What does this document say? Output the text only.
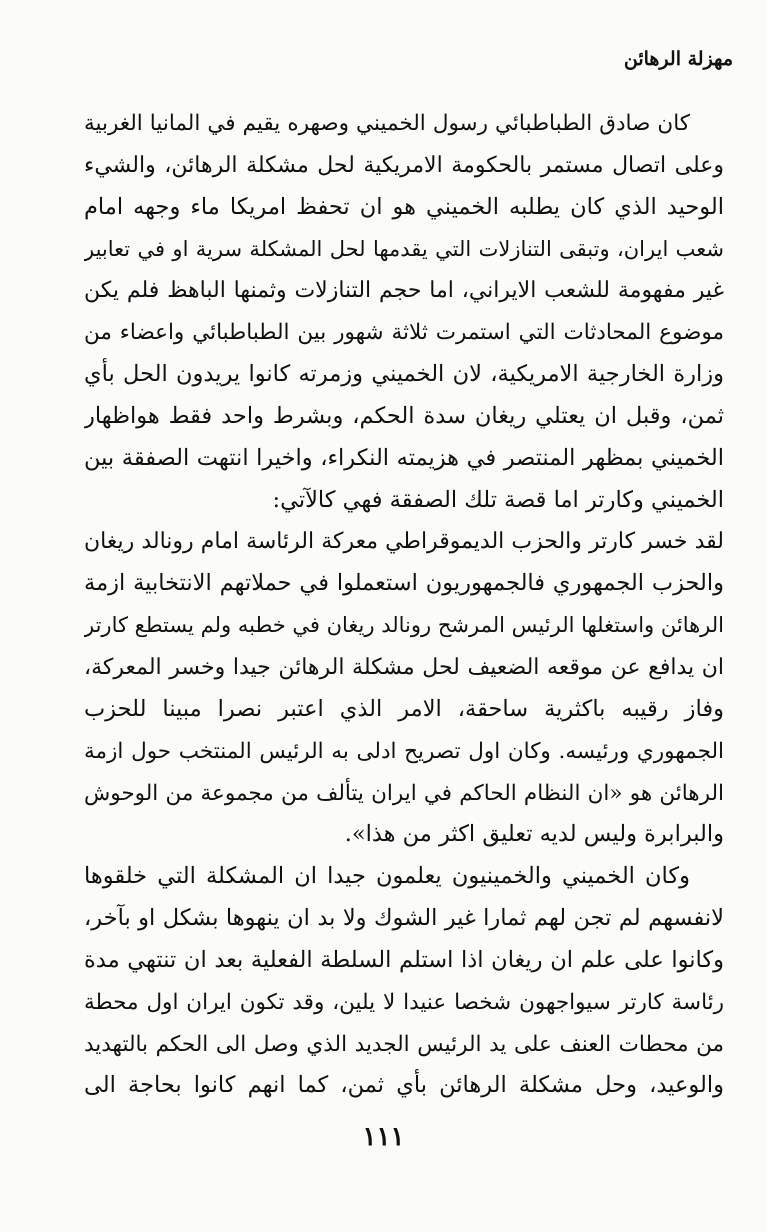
مهزلة الرهائن
كان صادق الطباطبائي رسول الخميني وصهره يقيم في المانيا الغربية
وعلى اتصال مستمر بالحكومة الامريكية لحل مشكلة الرهائن، والشيء
الوحيد الذي كان يطلبه الخميني هو ان تحفظ امريكا ماء وجهه امام
شعب ايران، وتبقى التنازلات التي يقدمها لحل المشكلة سرية او في تعابير
غير مفهومة للشعب الايراني، اما حجم التنازلات وثمنها الباهظ فلم يكن
موضوع المحادثات التي استمرت ثلاثة شهور بين الطباطبائي واعضاء من
وزارة الخارجية الامريكية، لان الخميني وزمرته كانوا يريدون الحل بأي
ثمن، وقبل ان يعتلي ريغان سدة الحكم، وبشرط واحد فقط هواظهار
الخميني بمظهر المنتصر في هزيمته النكراء، واخيرا انتهت الصفقة بين
الخميني وكارتر اما قصة تلك الصفقة فهي كالآتي:
لقد خسر كارتر والحزب الديموقراطي معركة الرئاسة امام رونالد ريغان
والحزب الجمهوري فالجمهوريون استعملوا في حملاتهم الانتخابية ازمة
الرهائن واستغلها الرئيس المرشح رونالد ريغان في خطبه ولم يستطع كارتر
ان يدافع عن موقعه الضعيف لحل مشكلة الرهائن جيدا وخسر المعركة،
وفاز رقيبه باكثرية ساحقة، الامر الذي اعتبر نصرا مبينا للحزب
الجمهوري ورئيسه. وكان اول تصريح ادلى به الرئيس المنتخب حول ازمة
الرهائن هو «ان النظام الحاكم في ايران يتألف من مجموعة من الوحوش
والبرابرة وليس لديه تعليق اكثر من هذا».
وكان الخميني والخمينيون يعلمون جيدا ان المشكلة التي خلقوها
لانفسهم لم تجن لهم ثمارا غير الشوك ولا بد ان ينهوها بشكل او بآخر،
وكانوا على علم ان ريغان اذا استلم السلطة الفعلية بعد ان تنتهي مدة
رئاسة كارتر سيواجهون شخصا عنيدا لا يلين، وقد تكون ايران اول محطة
من محطات العنف على يد الرئيس الجديد الذي وصل الى الحكم بالتهديد
والوعيد، وحل مشكلة الرهائن بأي ثمن، كما انهم كانوا بحاجة الى
١١١
